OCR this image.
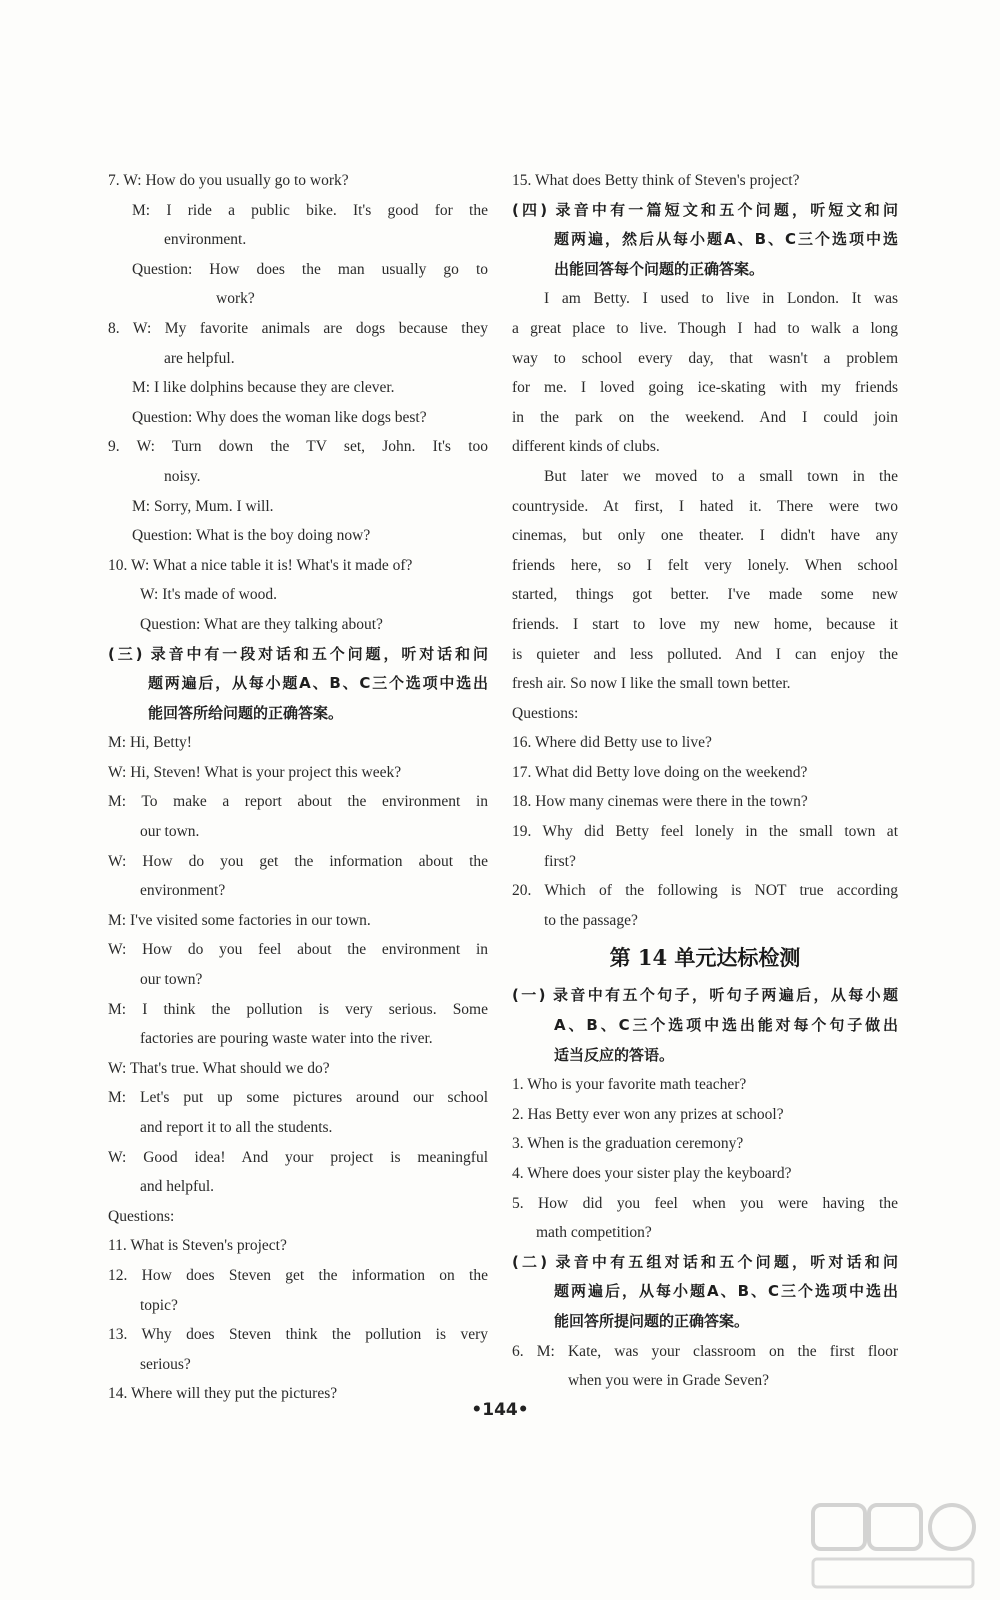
7. W: How do you usually go to work?
M: I ride a public bike. It's good for the
environment.
Question: How does the man usually go to
work?
8. W: My favorite animals are dogs because they
are helpful.
M: I like dolphins because they are clever.
Question: Why does the woman like dogs best?
9. W: Turn down the TV set, John. It's too
noisy.
M: Sorry, Mum. I will.
Question: What is the boy doing now?
10. W: What a nice table it is! What's it made of?
W: It's made of wood.
Question: What are they talking about?
(三) 录音中有一段对话和五个问题，听对话和问
题两遍后，从每小题A、B、C三个选项中选出
能回答所给问题的正确答案。
M: Hi, Betty!
W: Hi, Steven! What is your project this week?
M: To make a report about the environment in
our town.
W: How do you get the information about the
environment?
M: I've visited some factories in our town.
W: How do you feel about the environment in
our town?
M: I think the pollution is very serious. Some
factories are pouring waste water into the river.
W: That's true. What should we do?
M: Let's put up some pictures around our school
and report it to all the students.
W: Good idea! And your project is meaningful
and helpful.
Questions:
11. What is Steven's project?
12. How does Steven get the information on the
topic?
13. Why does Steven think the pollution is very
serious?
14. Where will they put the pictures?
15. What does Betty think of Steven's project?
(四) 录音中有一篇短文和五个问题，听短文和问
题两遍，然后从每小题A、B、C三个选项中选
出能回答每个问题的正确答案。
I am Betty. I used to live in London. It was
a great place to live. Though I had to walk a long
way to school every day, that wasn't a problem
for me. I loved going ice-skating with my friends
in the park on the weekend. And I could join
different kinds of clubs.
But later we moved to a small town in the
countryside. At first, I hated it. There were two
cinemas, but only one theater. I didn't have any
friends here, so I felt very lonely. When school
started, things got better. I've made some new
friends. I start to love my new home, because it
is quieter and less polluted. And I can enjoy the
fresh air. So now I like the small town better.
Questions:
16. Where did Betty use to live?
17. What did Betty love doing on the weekend?
18. How many cinemas were there in the town?
19. Why did Betty feel lonely in the small town at
first?
20. Which of the following is NOT true according
to the passage?
第 14 单元达标检测
(一) 录音中有五个句子，听句子两遍后，从每小题
A、B、C三个选项中选出能对每个句子做出
适当反应的答语。
1. Who is your favorite math teacher?
2. Has Betty ever won any prizes at school?
3. When is the graduation ceremony?
4. Where does your sister play the keyboard?
5. How did you feel when you were having the
math competition?
(二) 录音中有五组对话和五个问题，听对话和问
题两遍后，从每小题A、B、C三个选项中选出
能回答所提问题的正确答案。
6. M: Kate, was your classroom on the first floor
when you were in Grade Seven?
•144•
